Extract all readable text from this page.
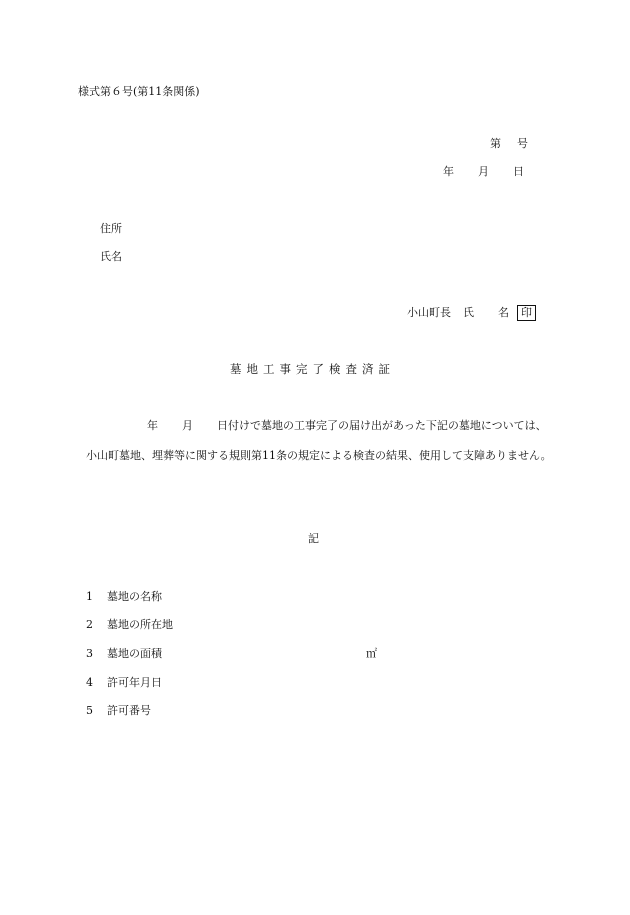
様式第６号(第11条関係)
第 号
年 月 日
住所
氏名
小山町長 氏 名 印
墓地工事完了検査済証
年 月 日付けで墓地の工事完了の届け出があった下記の墓地については、小山町墓地、埋葬等に関する規則第11条の規定による検査の結果、使用して支障ありません。
記
1 墓地の名称
2 墓地の所在地
3 墓地の面積	㎡
4 許可年月日
5 許可番号
